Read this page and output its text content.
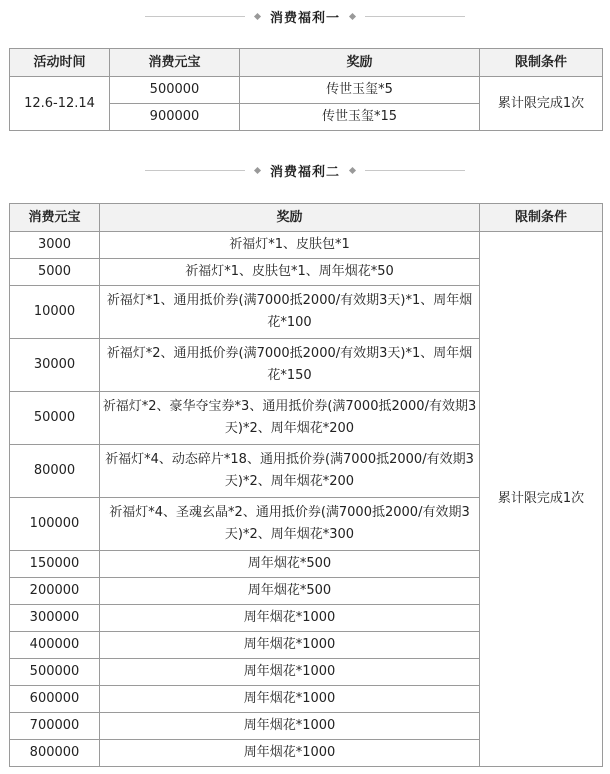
消费福利一
活动时间	消费元宝	奖励	限制条件
12.6-12.14	500000	传世玉玺*5	累计限完成1次
	900000	传世玉玺*15	
消费福利二
消费元宝	奖励	限制条件
3000	祈福灯*1、皮肤包*1	累计限完成1次
5000	祈福灯*1、皮肤包*1、周年烟花*50	
10000	祈福灯*1、通用抵价券(满7000抵2000/有效期3天)*1、周年烟花*100	
30000	祈福灯*2、通用抵价券(满7000抵2000/有效期3天)*1、周年烟花*150	
50000	祈福灯*2、豪华夺宝券*3、通用抵价券(满7000抵2000/有效期3天)*2、周年烟花*200	
80000	祈福灯*4、动态碎片*18、通用抵价券(满7000抵2000/有效期3天)*2、周年烟花*200	
100000	祈福灯*4、圣魂玄晶*2、通用抵价券(满7000抵2000/有效期3天)*2、周年烟花*300	
150000	周年烟花*500	
200000	周年烟花*500	
300000	周年烟花*1000	
400000	周年烟花*1000	
500000	周年烟花*1000	
600000	周年烟花*1000	
700000	周年烟花*1000	
800000	周年烟花*1000	
